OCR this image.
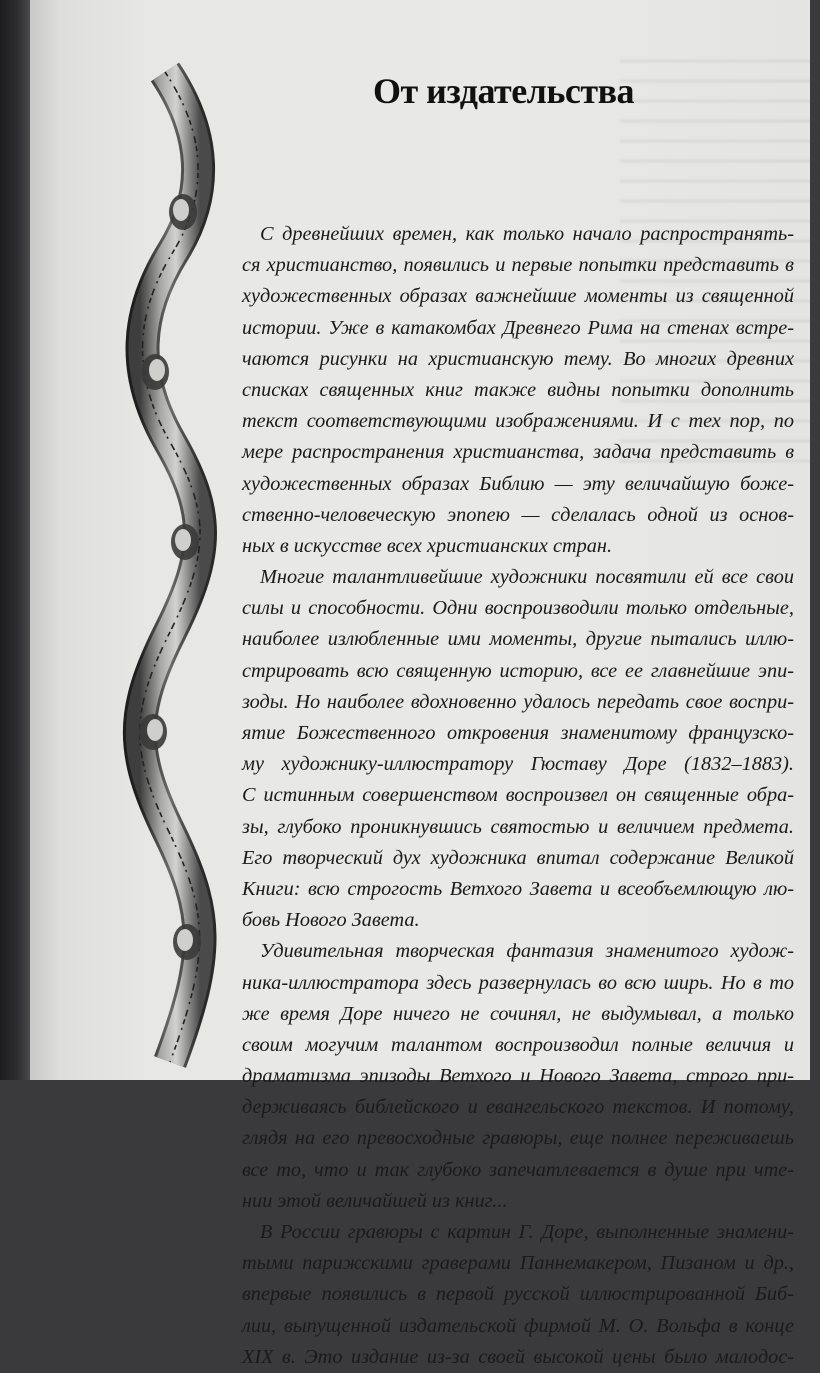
От издательства
С древнейших времен, как только начало распространять-
ся христианство, появились и первые попытки представить в
художественных образах важнейшие моменты из священной
истории. Уже в катакомбах Древнего Рима на стенах встре-
чаются рисунки на христианскую тему. Во многих древних
списках священных книг также видны попытки дополнить
текст соответствующими изображениями. И с тех пор, по
мере распространения христианства, задача представить в
художественных образах Библию — эту величайшую боже-
ственно-человеческую эпопею — сделалась одной из основ-
ных в искусстве всех христианских стран.
Многие талантливейшие художники посвятили ей все свои
силы и способности. Одни воспроизводили только отдельные,
наиболее излюбленные ими моменты, другие пытались иллю-
стрировать всю священную историю, все ее главнейшие эпи-
зоды. Но наиболее вдохновенно удалось передать свое воспри-
ятие Божественного откровения знаменитому французско-
му художнику-иллюстратору Гюставу Доре (1832–1883).
С истинным совершенством воспроизвел он священные обра-
зы, глубоко проникнувшись святостью и величием предмета.
Его творческий дух художника впитал содержание Великой
Книги: всю строгость Ветхого Завета и всеобъемлющую лю-
бовь Нового Завета.
Удивительная творческая фантазия знаменитого худож-
ника-иллюстратора здесь развернулась во всю ширь. Но в то
же время Доре ничего не сочинял, не выдумывал, а только
своим могучим талантом воспроизводил полные величия и
драматизма эпизоды Ветхого и Нового Завета, строго при-
держиваясь библейского и евангельского текстов. И потому,
глядя на его превосходные гравюры, еще полнее переживаешь
все то, что и так глубоко запечатлевается в душе при чте-
нии этой величайшей из книг...
В России гравюры с картин Г. Доре, выполненные знамени-
тыми парижскими граверами Паннемакером, Пизаном и др.,
впервые появились в первой русской иллюстрированной Биб-
лии, выпущенной издательской фирмой М. О. Вольфа в конце
XIX в. Это издание из-за своей высокой цены было малодос-
